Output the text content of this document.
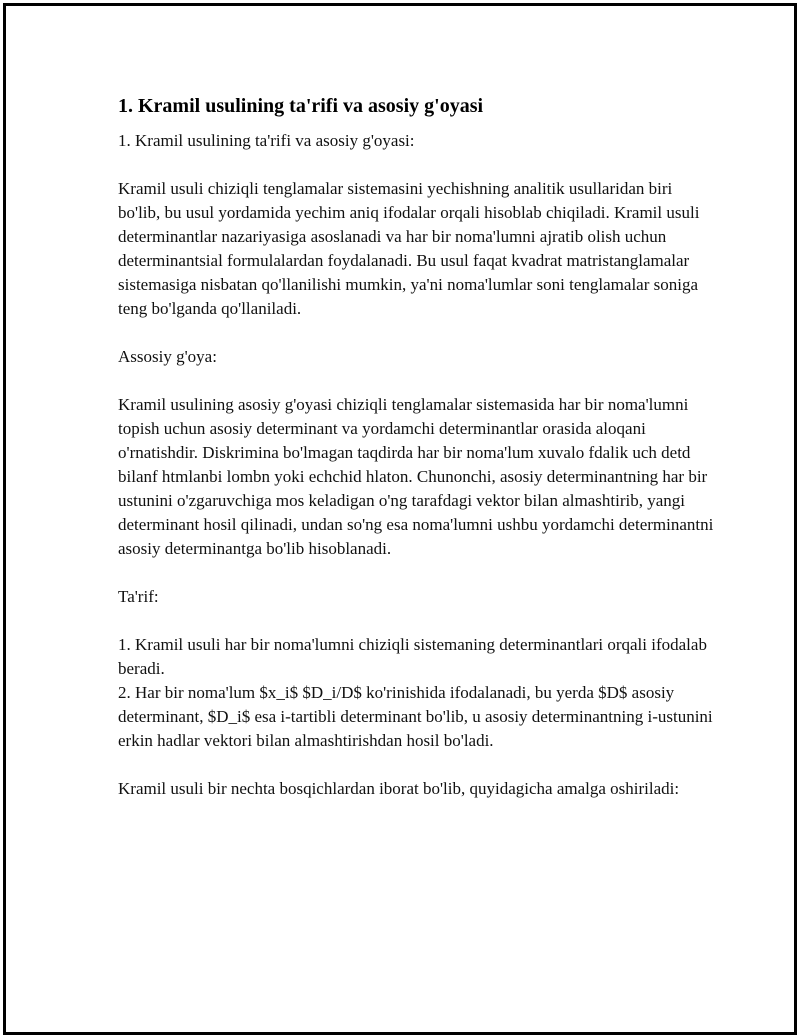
1. Kramil usulining ta'rifi va asosiy g'oyasi

1. Kramil usulining ta'rifi va asosiy g'oyasi:

Kramil usuli chiziqli tenglamalar sistemasini yechishning analitik usullaridan biri bo'lib, bu usul yordamida yechim aniq ifodalar orqali hisoblab chiqiladi. Kramil usuli determinantlar nazariyasiga asoslanadi va har bir noma'lumni ajratib olish uchun determinantsial formulalardan foydalanadi. Bu usul faqat kvadrat matristanglamalar sistemasiga nisbatan qo'llanilishi mumkin, ya'ni noma'lumlar soni tenglamalar soniga teng bo'lganda qo'llaniladi.

Assosiy g'oya:

Kramil usulining asosiy g'oyasi chiziqli tenglamalar sistemasida har bir noma'lumni topish uchun asosiy determinant va yordamchi determinantlar orasida aloqani o'rnatishdir. Diskrimina bo'lmagan taqdirda har bir noma'lum xuvalo fdalik uch detd bilanf htmlanbi lombn yoki echchid hlaton. Chunonchi, asosiy determinantning har bir ustunini o'zgaruvchiga mos keladigan o'ng tarafdagi vektor bilan almashtirib, yangi determinant hosil qilinadi, undan so'ng esa noma'lumni ushbu yordamchi determinantni asosiy determinantga bo'lib hisoblanadi.

Ta'rif:

1. Kramil usuli har bir noma'lumni chiziqli sistemaning determinantlari orqali ifodalab beradi.

2. Har bir noma'lum $x_i$ $D_i/D$ ko'rinishida ifodalanadi, bu yerda $D$ asosiy determinant, $D_i$ esa i-tartibli determinant bo'lib, u asosiy determinantning i-ustunini erkin hadlar vektori bilan almashtirishdan hosil bo'ladi.

Kramil usuli bir nechta bosqichlardan iborat bo'lib, quyidagicha amalga oshiriladi:
